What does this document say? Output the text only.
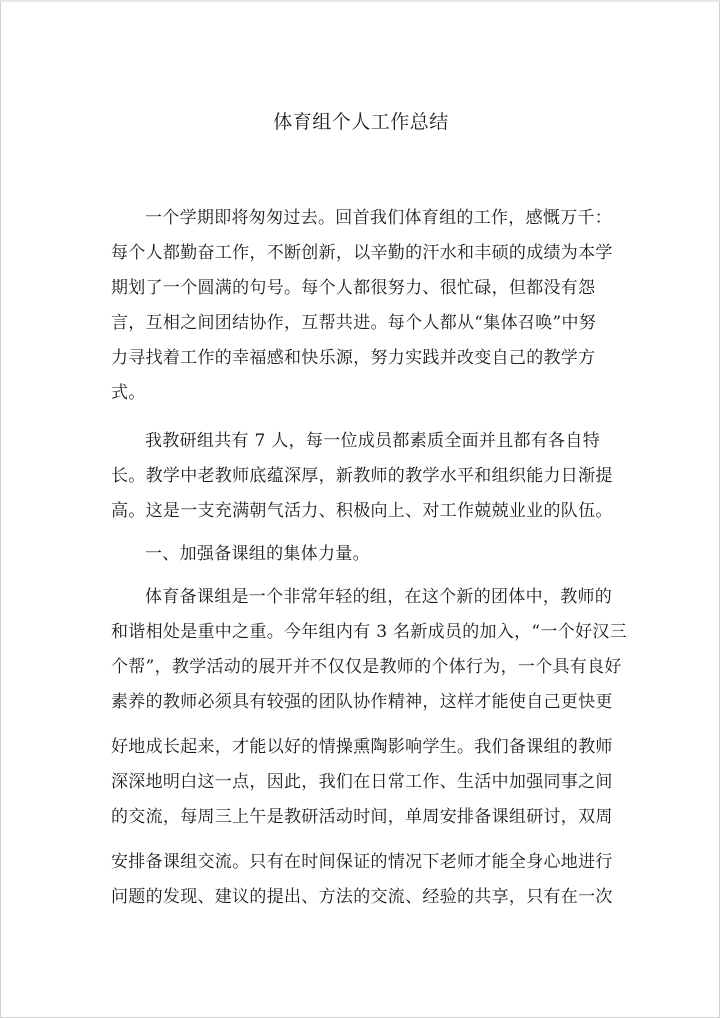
体育组个人工作总结
一个学期即将匆匆过去。回首我们体育组的工作，感慨万千：
每个人都勤奋工作，不断创新，以辛勤的汗水和丰硕的成绩为本学
期划了一个圆满的句号。每个人都很努力、很忙碌，但都没有怨
言，互相之间团结协作，互帮共进。每个人都从“集体召唤”中努
力寻找着工作的幸福感和快乐源，努力实践并改变自己的教学方
式。
我教研组共有 7 人，每一位成员都素质全面并且都有各自特
长。教学中老教师底蕴深厚，新教师的教学水平和组织能力日渐提
高。这是一支充满朝气活力、积极向上、对工作兢兢业业的队伍。
一、加强备课组的集体力量。
体育备课组是一个非常年轻的组，在这个新的团体中，教师的
和谐相处是重中之重。今年组内有 3 名新成员的加入，“一个好汉三
个帮”，教学活动的展开并不仅仅是教师的个体行为，一个具有良好
素养的教师必须具有较强的团队协作精神，这样才能使自己更快更
好地成长起来，才能以好的情操熏陶影响学生。我们备课组的教师
深深地明白这一点，因此，我们在日常工作、生活中加强同事之间
的交流，每周三上午是教研活动时间，单周安排备课组研讨，双周
安排备课组交流。只有在时间保证的情况下老师才能全身心地进行
问题的发现、建议的提出、方法的交流、经验的共享，只有在一次
